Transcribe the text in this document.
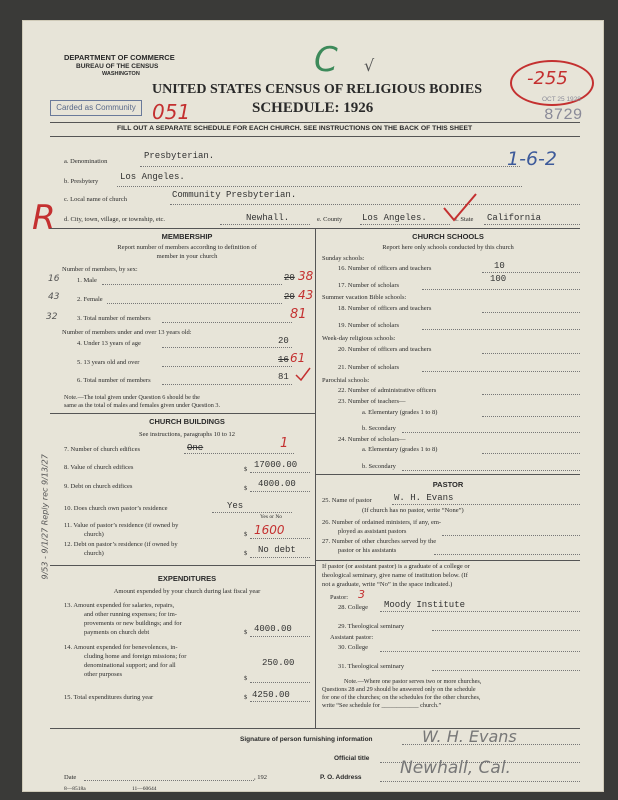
DEPARTMENT OF COMMERCE
BUREAU OF THE CENSUS
WASHINGTON	C √
-255
Carded as Community 051
UNITED STATES CENSUS OF RELIGIOUS BODIES
SCHEDULE: 1926
OCT 25 1928
8729
FILL OUT A SEPARATE SCHEDULE FOR EACH CHURCH. SEE INSTRUCTIONS ON THE BACK OF THIS SHEET
a. Denomination
Presbyterian.	1-6-2
b. Presbytery Los Angeles.
c. Local name of church	Community Presbyterian.
R d. City, town, village, or township, etc.	Newhall.	e. County Los Angeles.	f. State California
MEMBERSHIP
Report number of members according to definition of
member in your church
Number of members, by sex:
16	1. Male	20 38
43	2. Female	20 43
32	3. Total number of members	81
Number of members under and over 13 years old:
4. Under 13 years of age	20
5. 13 years old and over	16 61
6. Total number of members	81
Note.—The total given under Question 6 should be the
same as the total of males and females given under Question 3.
CHURCH BUILDINGS
See instructions, paragraphs 10 to 12
7. Number of church edifices	One	1
8. Value of church edifices	$ 17000.00
9. Debt on church edifices	$ 4000.00
10. Does church own pastor’s residence	Yes
Yes or No
11. Value of pastor’s residence (if owned by
church)	$ 1600
12. Debt on pastor’s residence (if owned by
church)	$ No debt
9/53 - 9/1/27 Reply rec 9/13/27	EXPENDITURES
Amount expended by your church during last fiscal year
13. Amount expended for salaries, repairs,
and other running expenses; for im-
provements or new buildings; and for
payments on church debt	$ 4000.00
14. Amount expended for benevolences, in-
cluding home and foreign missions; for
denominational support; and for all
other purposes
250.00
$
15. Total expenditures during year	$ 4250.00
CHURCH SCHOOLS
Report here only schools conducted by this church
Sunday schools:
16. Number of officers and teachers	10
17. Number of scholars
100
Summer vacation Bible schools:
18. Number of officers and teachers
19. Number of scholars
Week-day religious schools:
20. Number of officers and teachers
21. Number of scholars
Parochial schools:
22. Number of administrative officers
23. Number of teachers—
a. Elementary (grades 1 to 8)
b. Secondary
24. Number of scholars—
a. Elementary (grades 1 to 8)
b. Secondary
PASTOR
25. Name of pastor W. H. Evans
(If church has no pastor, write “None”)
26. Number of ordained ministers, if any, em-
ployed as assistant pastors
27. Number of other churches served by the
pastor or his assistants
If pastor (or assistant pastor) is a graduate of a college or
theological seminary, give name of institution below. (If
not a graduate, write “No” in the space indicated.)
Pastor: 3
28. College Moody Institute
29. Theological seminary
Assistant pastor:
30. College
31. Theological seminary
Note.—Where one pastor serves two or more churches,
Questions 28 and 29 should be answered only on the schedule
for one of the churches; on the schedules for the other churches,
write “See schedule for ____________ church.”
Signature of person furnishing information	W. H. Evans
Official title
Date	, 192	P. O. Address Newhall, Cal.
8—8518a	11—60644
